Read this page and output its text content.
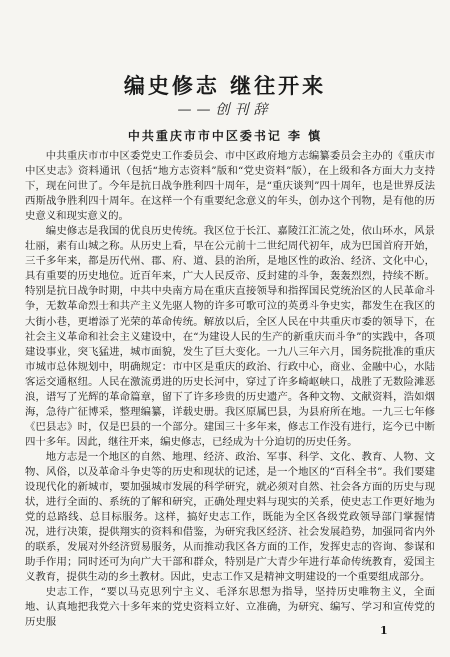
编史修志 继往开来
——创刊辞
中共重庆市市中区委书记 李 慎

中共重庆市市中区委党史工作委员会、市中区政府地方志编纂委员会主办的《重庆市中区史志》资料通讯（包括“地方志资料”版和“党史资料”版），在上级和各方面大力支持下，现在问世了。今年是抗日战争胜利四十周年，是“重庆谈判”四十周年，也是世界反法西斯战争胜利四十周年。在这样一个有重要纪念意义的年头，创办这个刊物，是有他的历史意义和现实意义的。

编史修志是我国的优良历史传统。我区位于长江、嘉陵江汇流之处，依山环水，风景壮丽，素有山城之称。从历史上看，早在公元前十二世纪周代初年，成为巴国首府开始，三千多年来，都是历代州、郡、府、道、县的治所，是地区性的政治、经济、文化中心，具有重要的历史地位。近百年来，广大人民反帝、反封建的斗争，轰轰烈烈，持续不断。特别是抗日战争时期，中共中央南方局在重庆直接领导和指挥国民党统治区的人民革命斗争，无数革命烈士和共产主义先驱人物的许多可歌可泣的英勇斗争史实，都发生在我区的大街小巷，更增添了光荣的革命传统。解放以后，全区人民在中共重庆市委的领导下，在社会主义革命和社会主义建设中，在“为建设人民的生产的新重庆而斗争”的实践中，各项建设事业，突飞猛进，城市面貌，发生了巨大变化。一九八三年六月，国务院批准的重庆市城市总体规划中，明确规定：市中区是重庆的政治、行政中心，商业、金融中心，水陆客运交通枢纽。人民在激流勇进的历史长河中，穿过了许多崎岖峡口，战胜了无数险滩恶浪，谱写了光辉的革命篇章，留下了许多珍贵的历史遗产。各种文物、文献资料，浩如烟海，急待广征博采，整理编纂，详载史册。我区原属巴县，为县府所在地。一九三七年修《巴县志》时，仅是巴县的一个部分。建国三十多年来，修志工作没有进行，迄今已中断四十多年。因此，继往开来，编史修志，已经成为十分迫切的历史任务。

地方志是一个地区的自然、地理、经济、政治、军事、科学、文化、教育、人物、文物、风俗，以及革命斗争史等的历史和现状的记述，是一个地区的“百科全书”。我们要建设现代化的新城市，要加强城市发展的科学研究，就必须对自然、社会各方面的历史与现状，进行全面的、系统的了解和研究，正确处理史料与现实的关系，使史志工作更好地为党的总路线、总目标服务。这样，搞好史志工作，既能为全区各级党政领导部门掌握情况，进行决策，提供翔实的资料和借鉴，为研究我区经济、社会发展趋势，加强同省内外的联系，发展对外经济贸易服务，从而推动我区各方面的工作，发挥史志的咨询、参谋和助手作用；同时还可为向广大干部和群众，特别是广大青少年进行革命传统教育，爱国主义教育，提供生动的乡土教材。因此，史志工作又是精神文明建设的一个重要组成部分。

史志工作，“要以马克思列宁主义、毛泽东思想为指导，坚持历史唯物主义，全面地、认真地把我党六十多年来的党史资料立好、立准确，为研究、编写、学习和宣传党的历史服

1
